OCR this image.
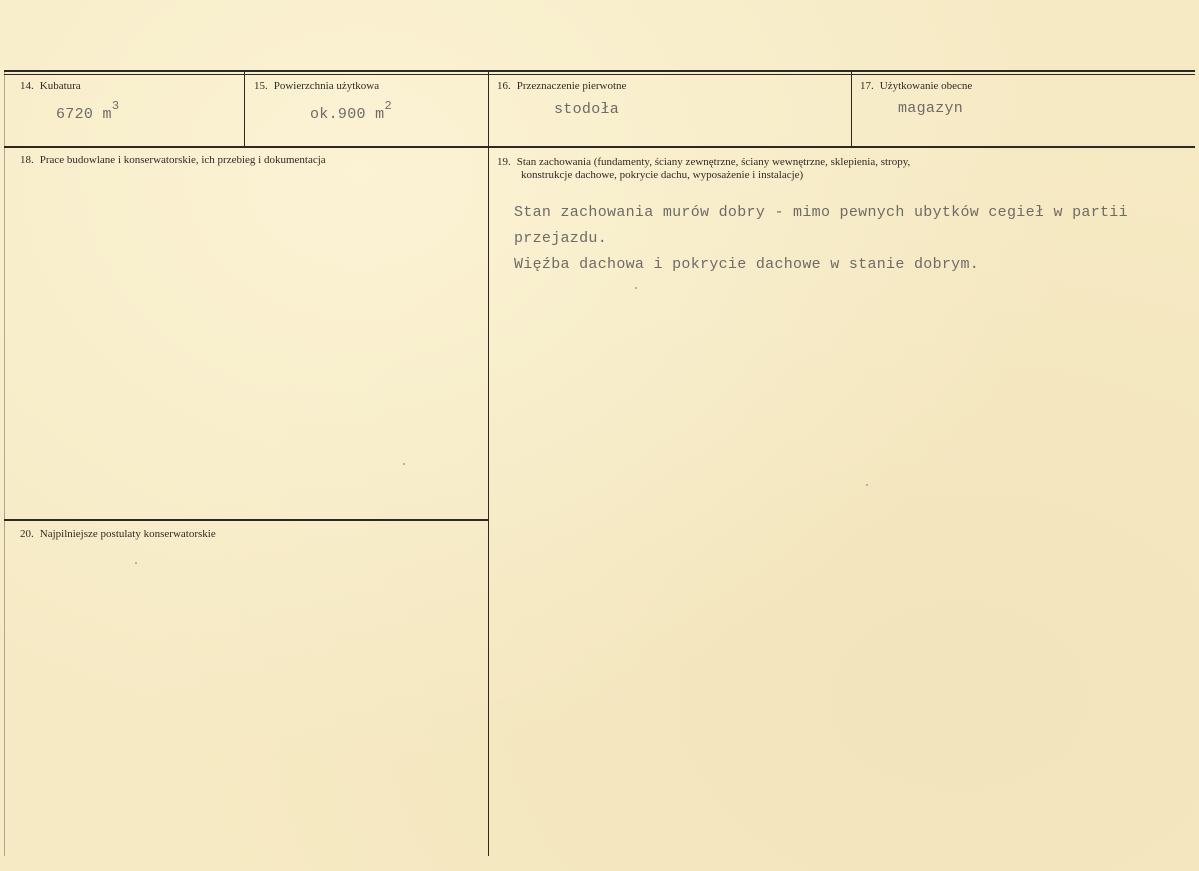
14. Kubatura
6720 $m^3$
15. Powierzchnia użytkowa
ok.900 $m^2$
16. Przeznaczenie pierwotne
stodoła
17. Użytkowanie obecne
magazyn
18. Prace budowlane i konserwatorskie, ich przebieg i dokumentacja	19. Stan zachowania (fundamenty, ściany zewnętrzne, ściany wewnętrzne, sklepienia, stropy,
konstrukcje dachowe, pokrycie dachu, wyposażenie i instalacje)
Stan zachowania murów dobry - mimo pewnych ubytków cegieł w partii
przejazdu.
Więźba dachowa i pokrycie dachowe w stanie dobrym.
20. Najpilniejsze postulaty konserwatorskie
